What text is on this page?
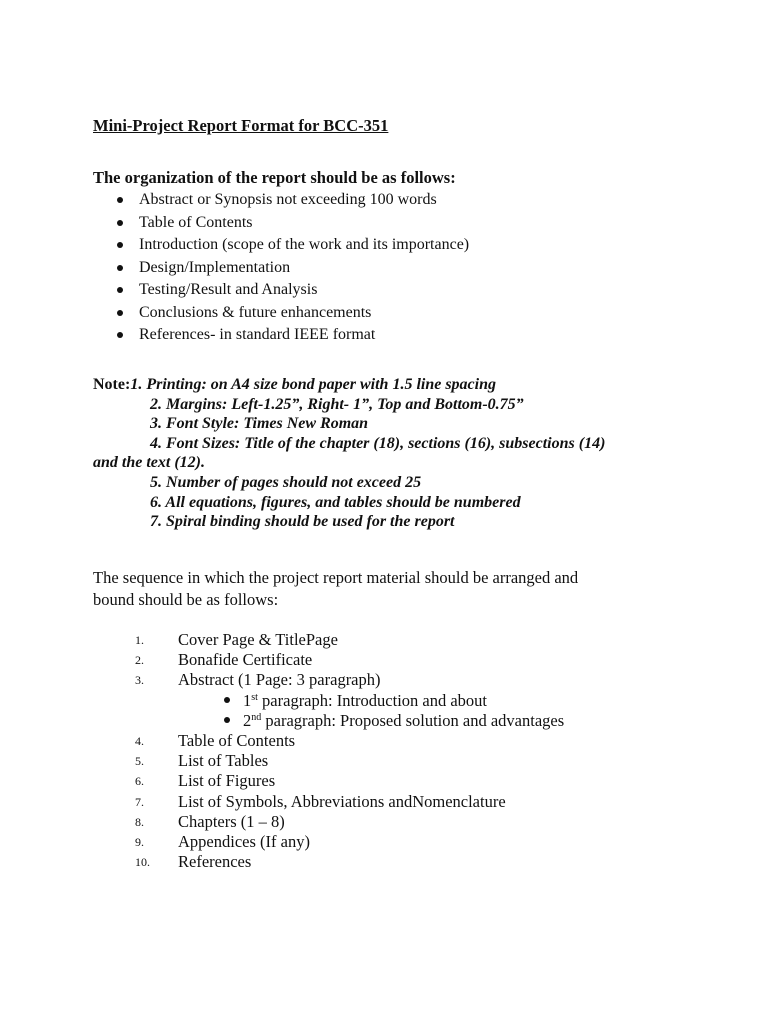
Mini-Project Report Format for BCC-351
The organization of the report should be as follows:
Abstract or Synopsis not exceeding 100 words
Table of Contents
Introduction (scope of the work and its importance)
Design/Implementation
Testing/Result and Analysis
Conclusions & future enhancements
References- in standard IEEE format
Note:1. Printing: on A4 size bond paper with 1.5 line spacing
2. Margins: Left-1.25”, Right- 1”, Top and Bottom-0.75”
3. Font Style: Times New Roman
4. Font Sizes: Title of the chapter (18), sections (16), subsections (14)
and the text (12).
5. Number of pages should not exceed 25
6. All equations, figures, and tables should be numbered
7. Spiral binding should be used for the report
The sequence in which the project report material should be arranged and
bound should be as follows:
1. Cover Page & TitlePage
2. Bonafide Certificate
3. Abstract (1 Page: 3 paragraph)
1st paragraph: Introduction and about
2nd paragraph: Proposed solution and advantages
4. Table of Contents
5. List of Tables
6. List of Figures
7. List of Symbols, Abbreviations andNomenclature
8. Chapters (1 – 8)
9. Appendices (If any)
10. References
